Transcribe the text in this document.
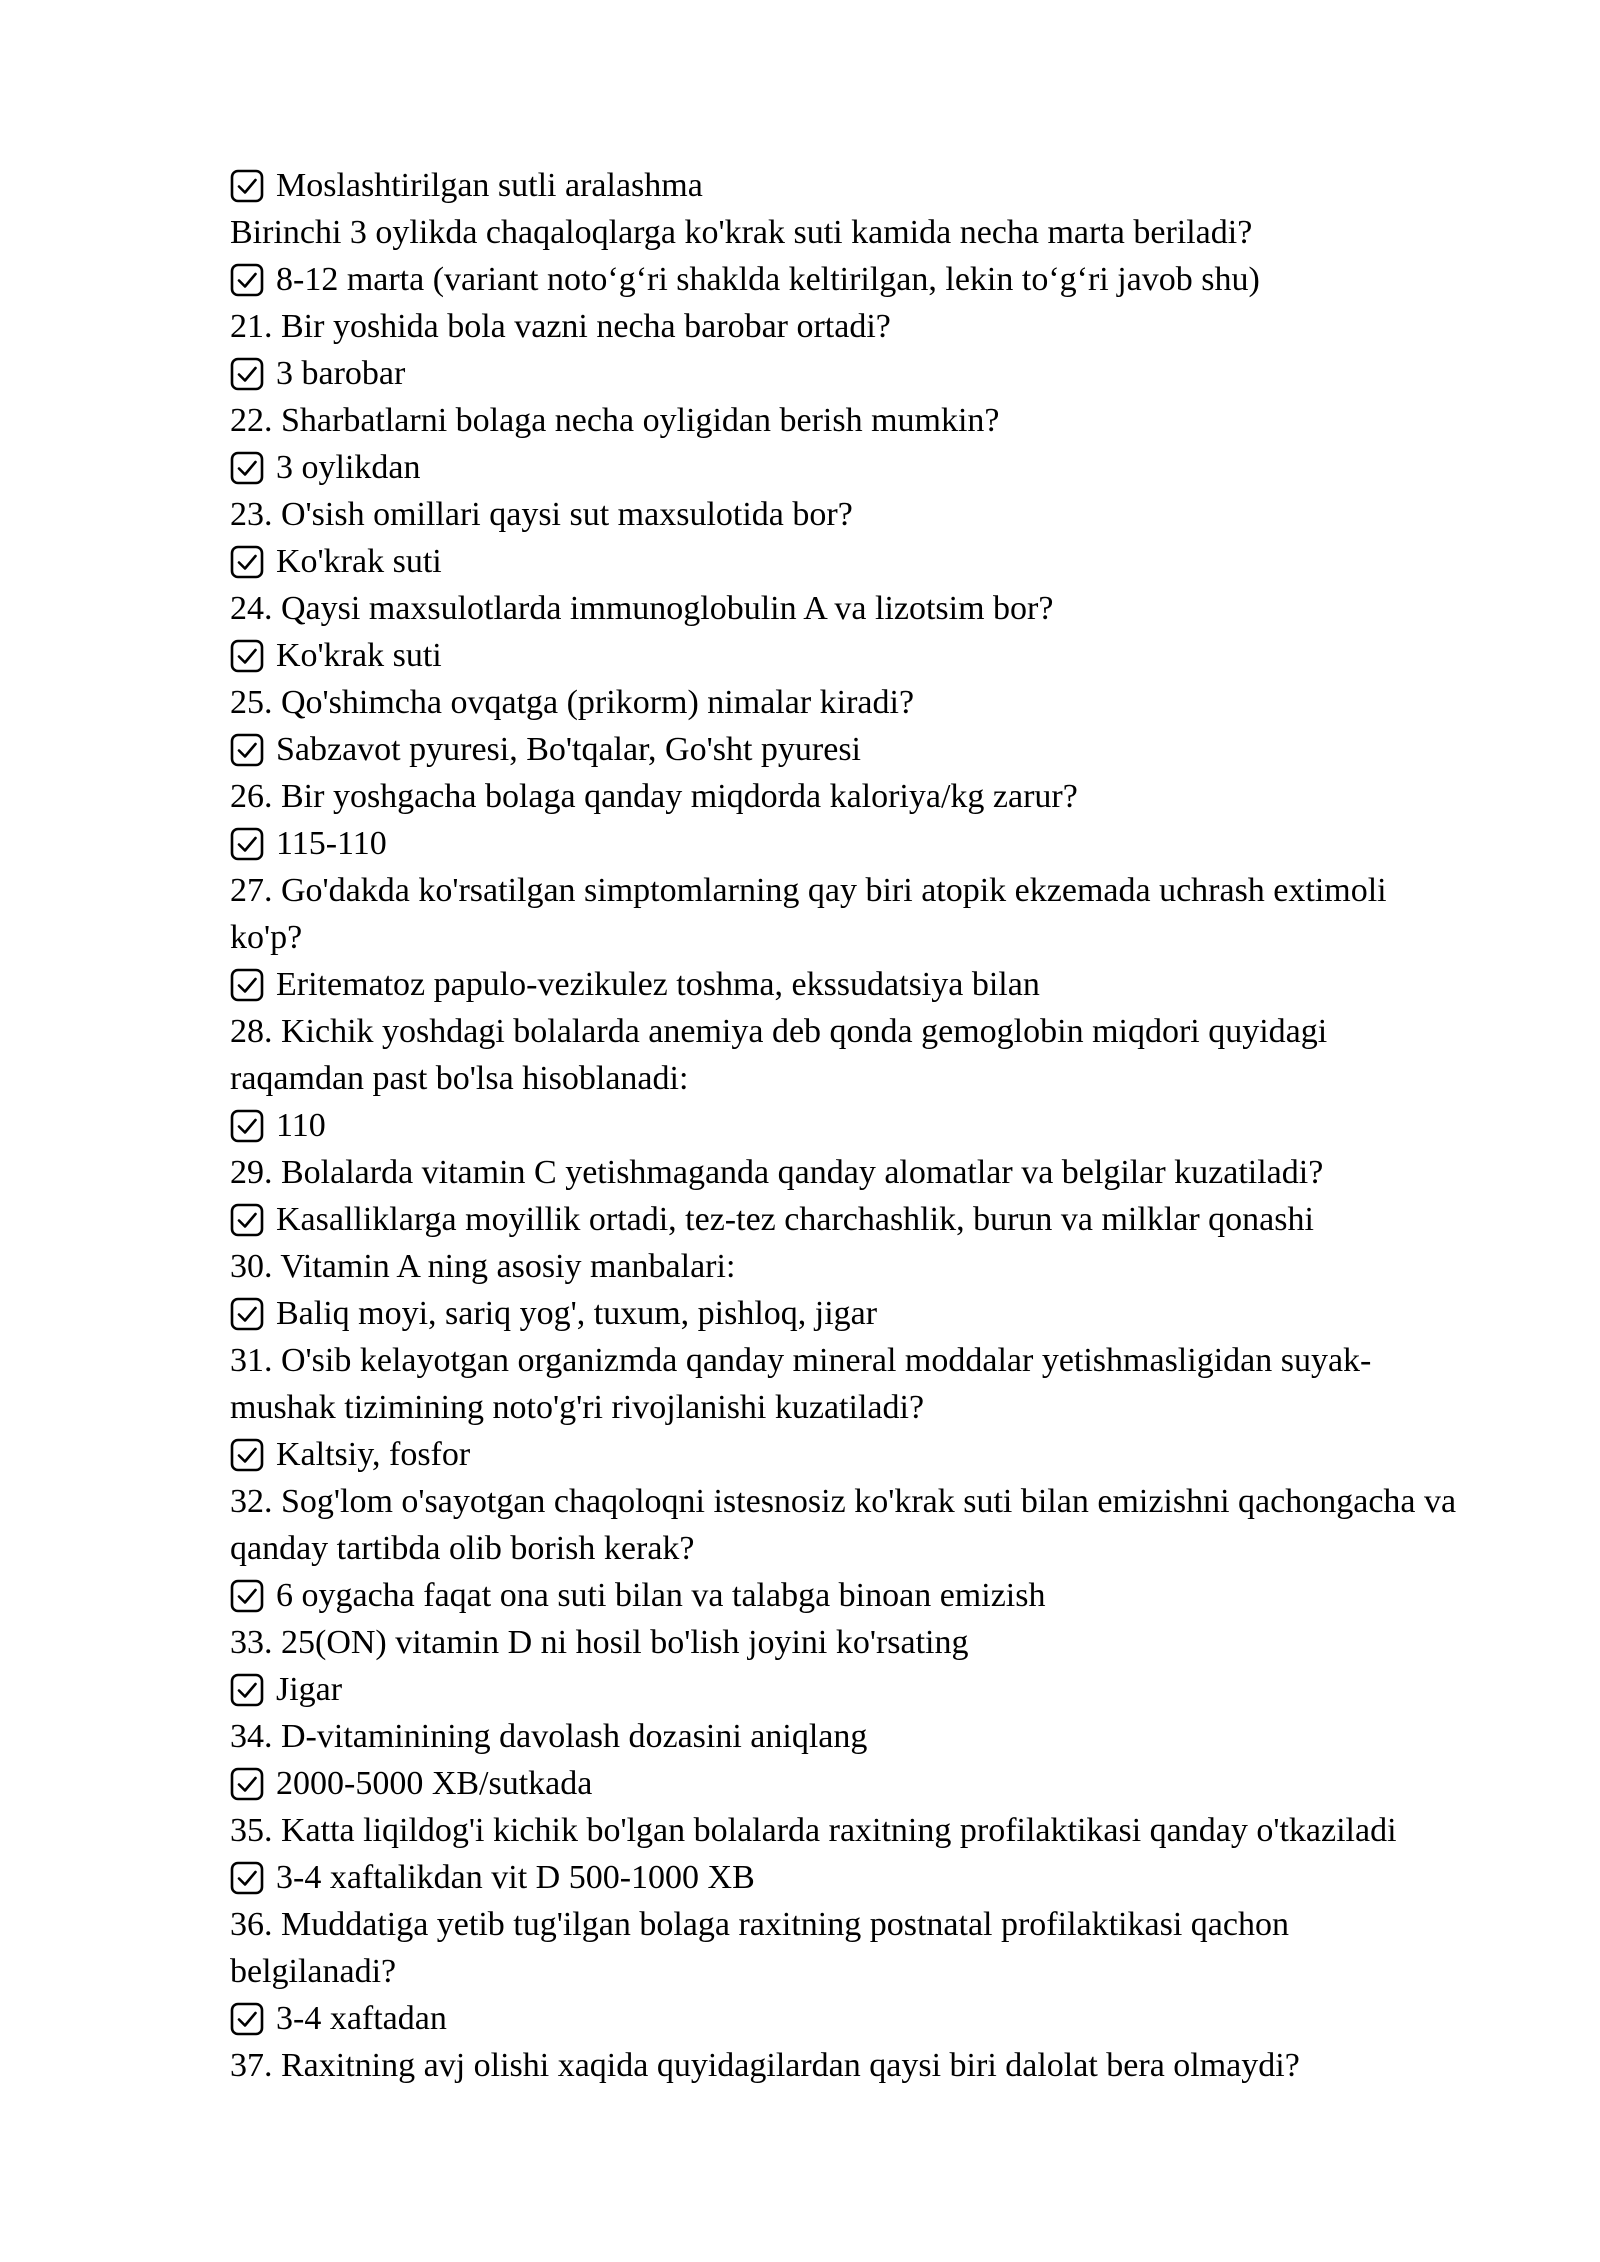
Moslashtirilgan sutli aralashma

Birinchi 3 oylikda chaqaloqlarga ko'krak suti kamida necha marta beriladi?

8-12 marta (variant noto‘g‘ri shaklda keltirilgan, lekin to‘g‘ri javob shu)

21. Bir yoshida bola vazni necha barobar ortadi?

3 barobar

22. Sharbatlarni bolaga necha oyligidan berish mumkin?

3 oylikdan

23. O'sish omillari qaysi sut maxsulotida bor?

Ko'krak suti

24. Qaysi maxsulotlarda immunoglobulin A va lizotsim bor?

Ko'krak suti

25. Qo'shimcha ovqatga (prikorm) nimalar kiradi?

Sabzavot pyuresi, Bo'tqalar, Go'sht pyuresi

26. Bir yoshgacha bolaga qanday miqdorda kaloriya/kg zarur?

115-110

27. Go'dakda ko'rsatilgan simptomlarning qay biri atopik ekzemada uchrash extimoli ko'p?

Eritematoz papulo-vezikulez toshma, ekssudatsiya bilan

28. Kichik yoshdagi bolalarda anemiya deb qonda gemoglobin miqdori quyidagi raqamdan past bo'lsa hisoblanadi:

110

29. Bolalarda vitamin C yetishmaganda qanday alomatlar va belgilar kuzatiladi?

Kasalliklarga moyillik ortadi, tez-tez charchashlik, burun va milklar qonashi

30. Vitamin A ning asosiy manbalari:

Baliq moyi, sariq yog', tuxum, pishloq, jigar

31. O'sib kelayotgan organizmda qanday mineral moddalar yetishmasligidan suyak-mushak tizimining noto'g'ri rivojlanishi kuzatiladi?

Kaltsiy, fosfor

32. Sog'lom o'sayotgan chaqoloqni istesnosiz ko'krak suti bilan emizishni qachongacha va qanday tartibda olib borish kerak?

6 oygacha faqat ona suti bilan va talabga binoan emizish

33. 25(ON) vitamin D ni hosil bo'lish joyini ko'rsating

Jigar

34. D-vitaminining davolash dozasini aniqlang

2000-5000 XB/sutkada

35. Katta liqildog'i kichik bo'lgan bolalarda raxitning profilaktikasi qanday o'tkaziladi

3-4 xaftalikdan vit D 500-1000 XB

36. Muddatiga yetib tug'ilgan bolaga raxitning postnatal profilaktikasi qachon belgilanadi?

3-4 xaftadan

37. Raxitning avj olishi xaqida quyidagilardan qaysi biri dalolat bera olmaydi?
